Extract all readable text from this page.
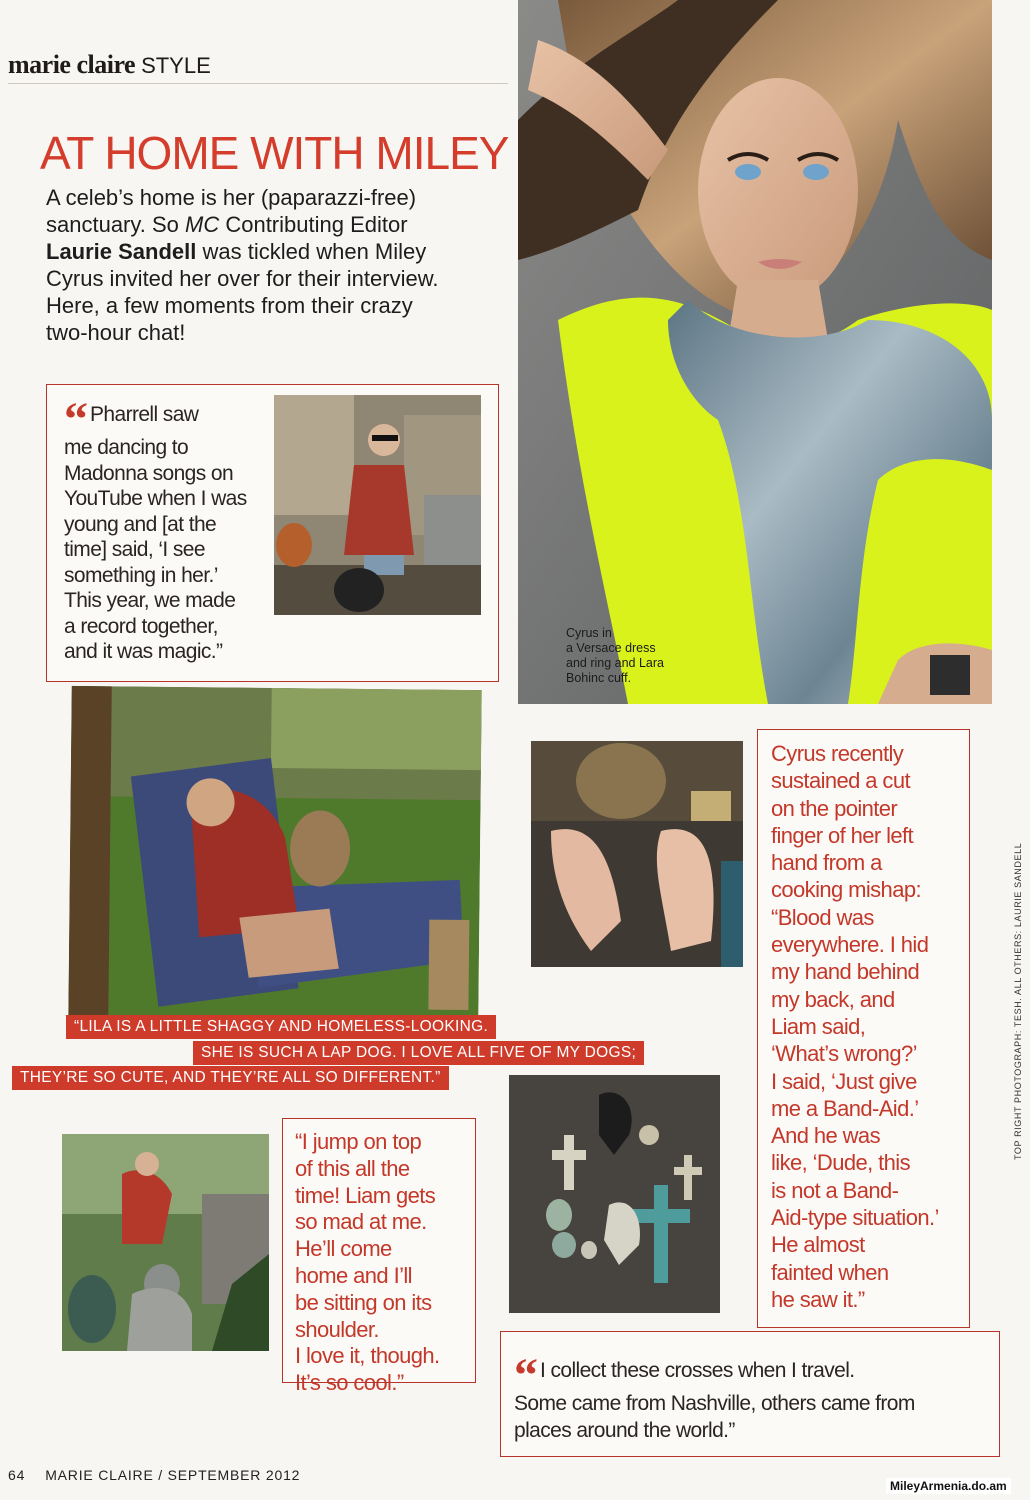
marie claire STYLE
Cyrus in
a Versace dress
and ring and Lara
Bohinc cuff.
AT HOME WITH MILEY
A celeb’s home is her (paparazzi-free)
sanctuary. So MC Contributing Editor
Laurie Sandell was tickled when Miley
Cyrus invited her over for their interview.
Here, a few moments from their crazy
two-hour chat!
“ Pharrell saw
me dancing to
Madonna songs on
YouTube when I was
young and [at the
time] said, ‘I see
something in her.’
This year, we made
a record together,
and it was magic.”
Cyrus recently
sustained a cut
on the pointer
finger of her left
hand from a
cooking mishap:
“Blood was
everywhere. I hid
my hand behind
my back, and
Liam said,
‘What’s wrong?’
I said, ‘Just give
me a Band-Aid.’
And he was
like, ‘Dude, this
is not a Band-
Aid-type situation.’
He almost
fainted when
he saw it.”
“LILA IS A LITTLE SHAGGY AND HOMELESS-LOOKING.
SHE IS SUCH A LAP DOG. I LOVE ALL FIVE OF MY DOGS;
THEY’RE SO CUTE, AND THEY’RE ALL SO DIFFERENT.”
“I jump on top
of this all the
time! Liam gets
so mad at me.
He’ll come
home and I’ll
be sitting on its
shoulder.
I love it, though.
It’s so cool.”	“ I collect these crosses when I travel.
Some came from Nashville, others came from
places around the world.”
64 MARIE CLAIRE / SEPTEMBER 2012
TOP RIGHT PHOTOGRAPH: TESH. ALL OTHERS: LAURIE SANDELL
MileyArmenia.do.am
